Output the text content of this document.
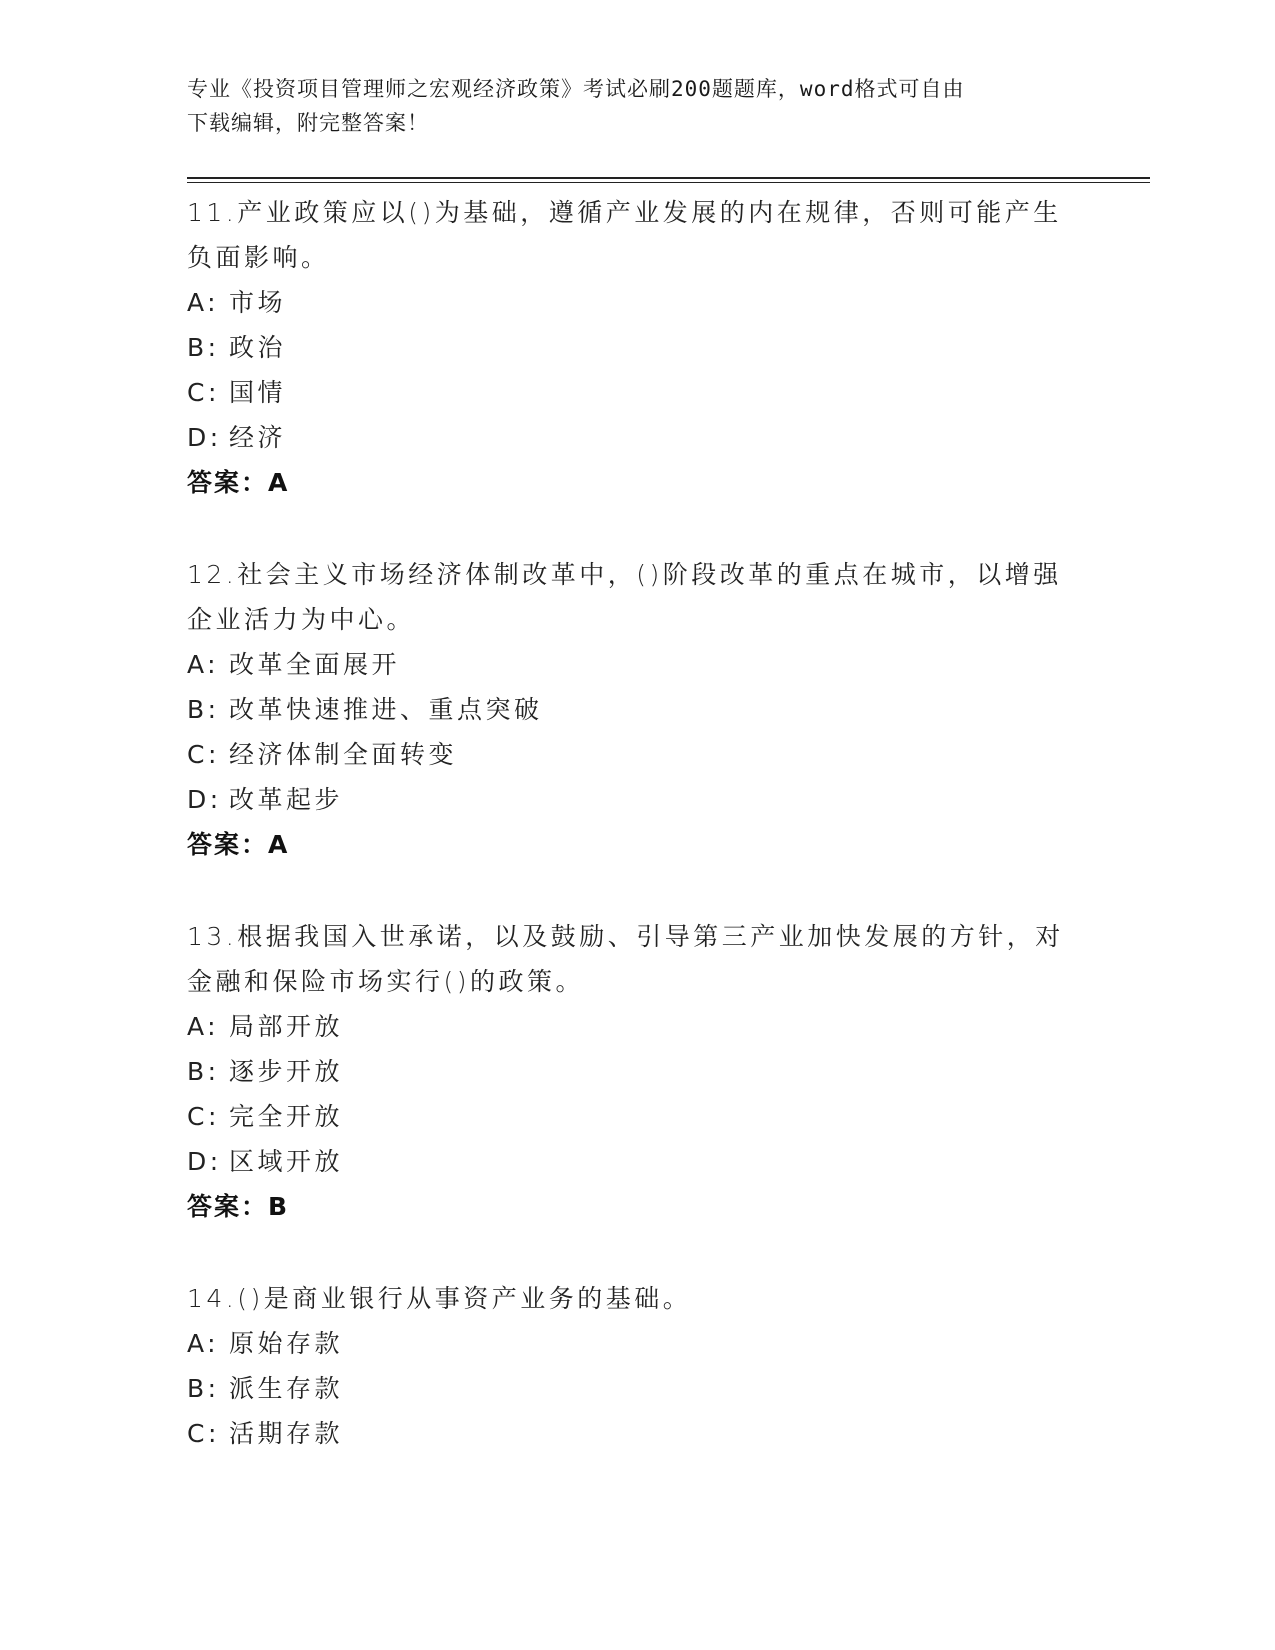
专业《投资项目管理师之宏观经济政策》考试必刷200题题库，word格式可自由
下载编辑，附完整答案！
11.产业政策应以()为基础，遵循产业发展的内在规律，否则可能产生
负面影响。
A: 市场
B: 政治
C: 国情
D: 经济
答案：A
12.社会主义市场经济体制改革中，()阶段改革的重点在城市，以增强
企业活力为中心。
A: 改革全面展开
B: 改革快速推进、重点突破
C: 经济体制全面转变
D: 改革起步
答案：A
13.根据我国入世承诺，以及鼓励、引导第三产业加快发展的方针，对
金融和保险市场实行()的政策。
A: 局部开放
B: 逐步开放
C: 完全开放
D: 区域开放
答案：B
14.()是商业银行从事资产业务的基础。
A: 原始存款
B: 派生存款
C: 活期存款
